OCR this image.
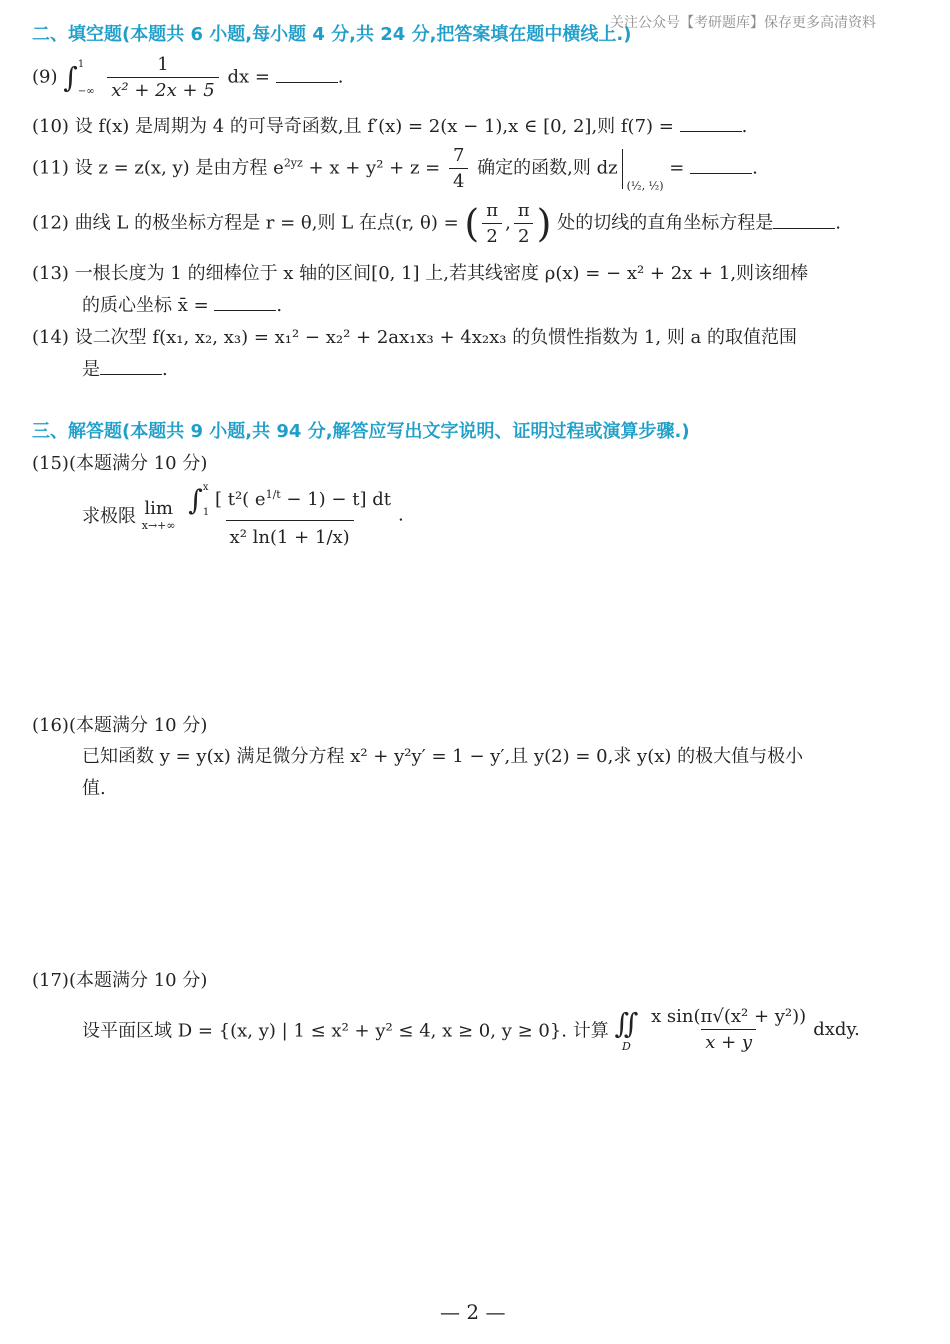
关注公众号【考研题库】保存更多高清资料
二、填空题(本题共 6 小题,每小题 4 分,共 24 分,把答案填在题中横线上.)
(9) ∫ 1
−∞
$\frac{1}{\text{x² + 2x + 5}}$ dx =	.
(10) 设 f(x) 是周期为 4 的可导奇函数,且 f′(x) = 2(x − 1),x ∈ [0, 2],则 f(7) =	.
(11) 设 z = z(x, y) 是由方程 $e^{2yz} + x + y^2 + z = \frac{7}{4}$ 确定的函数,则 $dz_{(\frac{1}{2}, \frac{1}{2})}$ =	.
(12) 曲线 L 的极坐标方程是 r = θ,则 L 在点(r, θ) = ( $\frac{\pi}{2}$ , $\frac{\pi}{2}$ ) 处的切线的直角坐标方程是	.
(13) 一根长度为 1 的细棒位于 x 轴的区间[0, 1] 上,若其线密度 ρ(x) = − x² + 2x + 1,则该细棒
的质心坐标 x̄ =	.
(14) 设二次型 f(x₁, x₂, x₃) = x₁² − x₂² + 2ax₁x₃ + 4x₂x₃ 的负惯性指数为 1, 则 a 的取值范围
是	.
三、解答题(本题共 9 小题,共 94 分,解答应写出文字说明、证明过程或演算步骤.)
(15)(本题满分 10 分)
求极限 lim
x→+∞
∫ x
1
[ t²( $e^{1/t} - 1) - t$] dt
x² ln(1 + 1/x) .
(16)(本题满分 10 分)
已知函数 y = y(x) 满足微分方程 x² + y²y′ = 1 − y′,且 y(2) = 0,求 y(x) 的极大值与极小
值.
(17)(本题满分 10 分)
设平面区域 D = {(x, y) | 1 ≤ x² + y² ≤ 4, x ≥ 0, y ≥ 0}. 计算 ∬
D
$\frac{\text{x sin(π√(x² + y²))}}{x + y}$ dxdy.
— 2 —
